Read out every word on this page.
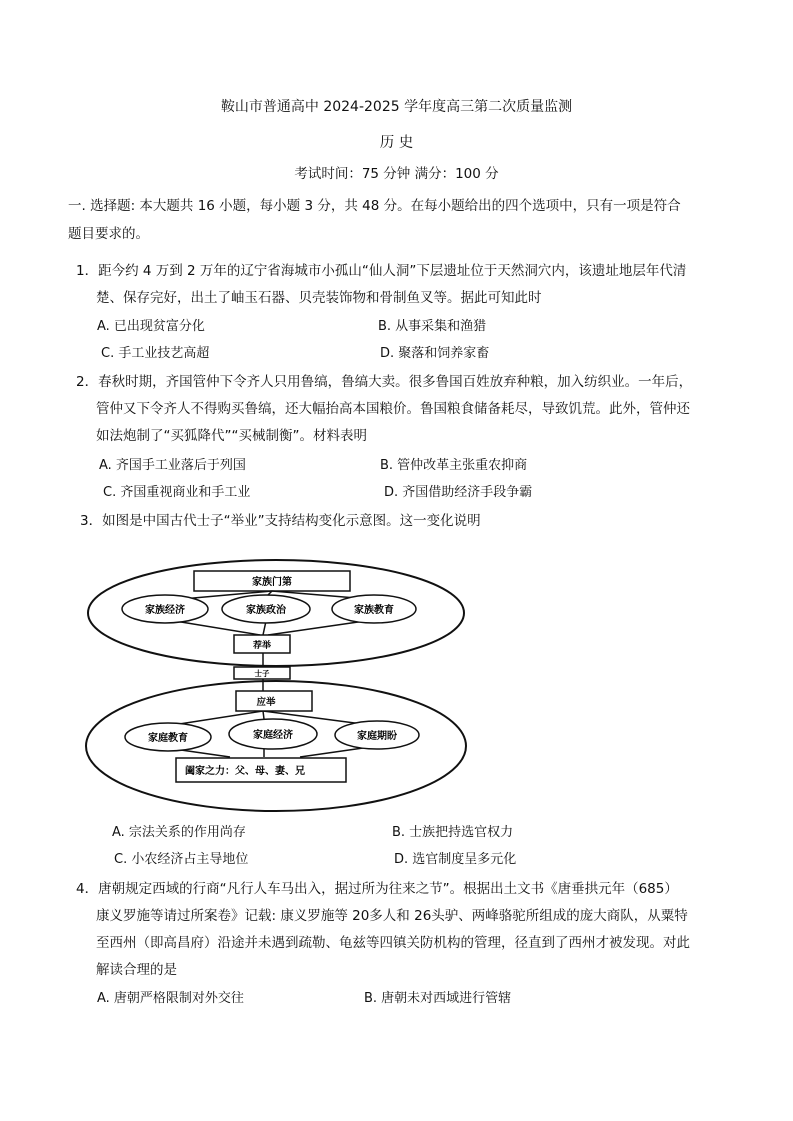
鞍山市普通高中 2024-2025 学年度高三第二次质量监测
历 史
考试时间：75 分钟 满分：100 分
一. 选择题: 本大题共 16 小题，每小题 3 分，共 48 分。在每小题给出的四个选项中，只有一项是符合
题目要求的。
1．距今约 4 万到 2 万年的辽宁省海城市小孤山“仙人洞”下层遗址位于天然洞穴内，该遗址地层年代清
楚、保存完好，出土了岫玉石器、贝壳装饰物和骨制鱼叉等。据此可知此时
A. 已出现贫富分化	B. 从事采集和渔猎
C. 手工业技艺高超	D. 聚落和饲养家畜
2．春秋时期，齐国管仲下令齐人只用鲁缟，鲁缟大卖。很多鲁国百姓放弃种粮，加入纺织业。一年后，
管仲又下令齐人不得购买鲁缟，还大幅抬高本国粮价。鲁国粮食储备耗尽，导致饥荒。此外，管仲还
如法炮制了“买狐降代”“买械制衡”。材料表明
A. 齐国手工业落后于列国	B. 管仲改革主张重农抑商
C. 齐国重视商业和手工业	D. 齐国借助经济手段争霸
3．如图是中国古代士子“举业”支持结构变化示意图。这一变化说明
家族门第
家族经济	家族政治	家族教育
荐举
士子
应举
家庭教育	家庭经济	家庭期盼
阖家之力：父、母、妻、兄
A. 宗法关系的作用尚存	B. 士族把持选官权力
C. 小农经济占主导地位	D. 选官制度呈多元化
4．唐朝规定西域的行商“凡行人车马出入，据过所为往来之节”。根据出土文书《唐垂拱元年（685）
康义罗施等请过所案卷》记载: 康义罗施等 20多人和 26头驴、两峰骆驼所组成的庞大商队，从粟特
至西州（即高昌府）沿途并未遇到疏勒、龟兹等四镇关防机构的管理，径直到了西州才被发现。对此
解读合理的是
A. 唐朝严格限制对外交往	B. 唐朝未对西域进行管辖
